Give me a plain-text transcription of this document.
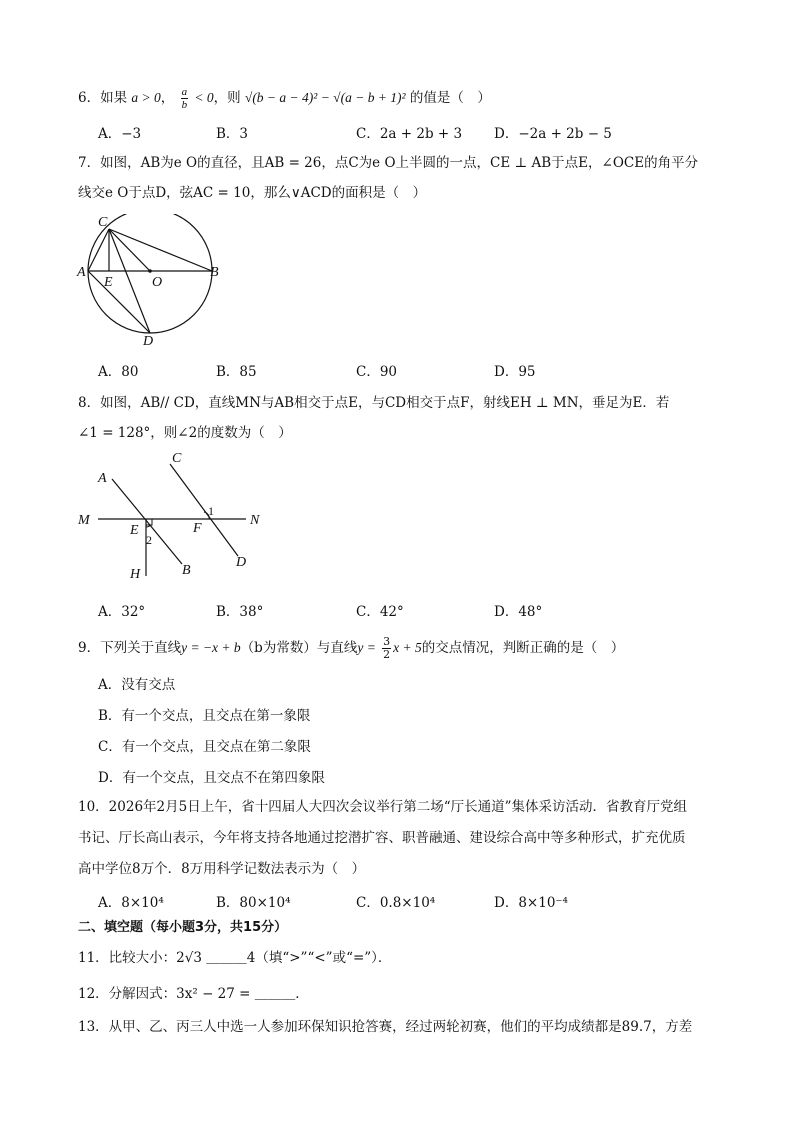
6．如果 a > 0， $\frac{a}{b} < 0$，则 √(b − a − 4)² − √(a − b + 1)² 的值是（　）
A．−3	B．3	C．2a + 2b + 3 D．−2a + 2b − 5
7．如图，AB为e O的直径，且AB = 26，点C为e O上半圆的一点，CE ⊥ AB于点E，∠OCE的角平分
线交e O于点D，弦AC = 10，那么∨ACD的面积是（　）
C
A
E	O
B
D
A．80	B．85	C．90	D．95
8．如图，AB// CD，直线MN与AB相交于点E，与CD相交于点F，射线EH ⊥ MN，垂足为E．若
∠1 = 128°，则∠2的度数为（　）
A
C
M	N
E	F
1
2
B
D
H
A．32°	B．38°	C．42°	D．48°
9．下列关于直线y = −x + b（b为常数）与直线$y = \frac{3}{2}$ x + 5的交点情况，判断正确的是（　）
A．没有交点
B．有一个交点，且交点在第一象限
C．有一个交点，且交点在第二象限
D．有一个交点，且交点不在第四象限
10．2026年2月5日上午，省十四届人大四次会议举行第二场“厅长通道”集体采访活动．省教育厅党组
书记、厅长高山表示，今年将支持各地通过挖潜扩容、职普融通、建设综合高中等多种形式，扩充优质
高中学位8万个．8万用科学记数法表示为（　）
A．8×10⁴	B．80×10⁴	C．0.8×10⁴	D．8×10⁻⁴
二、填空题（每小题3分，共15分）
11．比较大小：2√3 ＿＿＿4（填“>”“<”或“=”）．
12．分解因式：3x² − 27 = ＿＿＿．
13．从甲、乙、丙三人中选一人参加环保知识抢答赛，经过两轮初赛，他们的平均成绩都是89.7，方差
